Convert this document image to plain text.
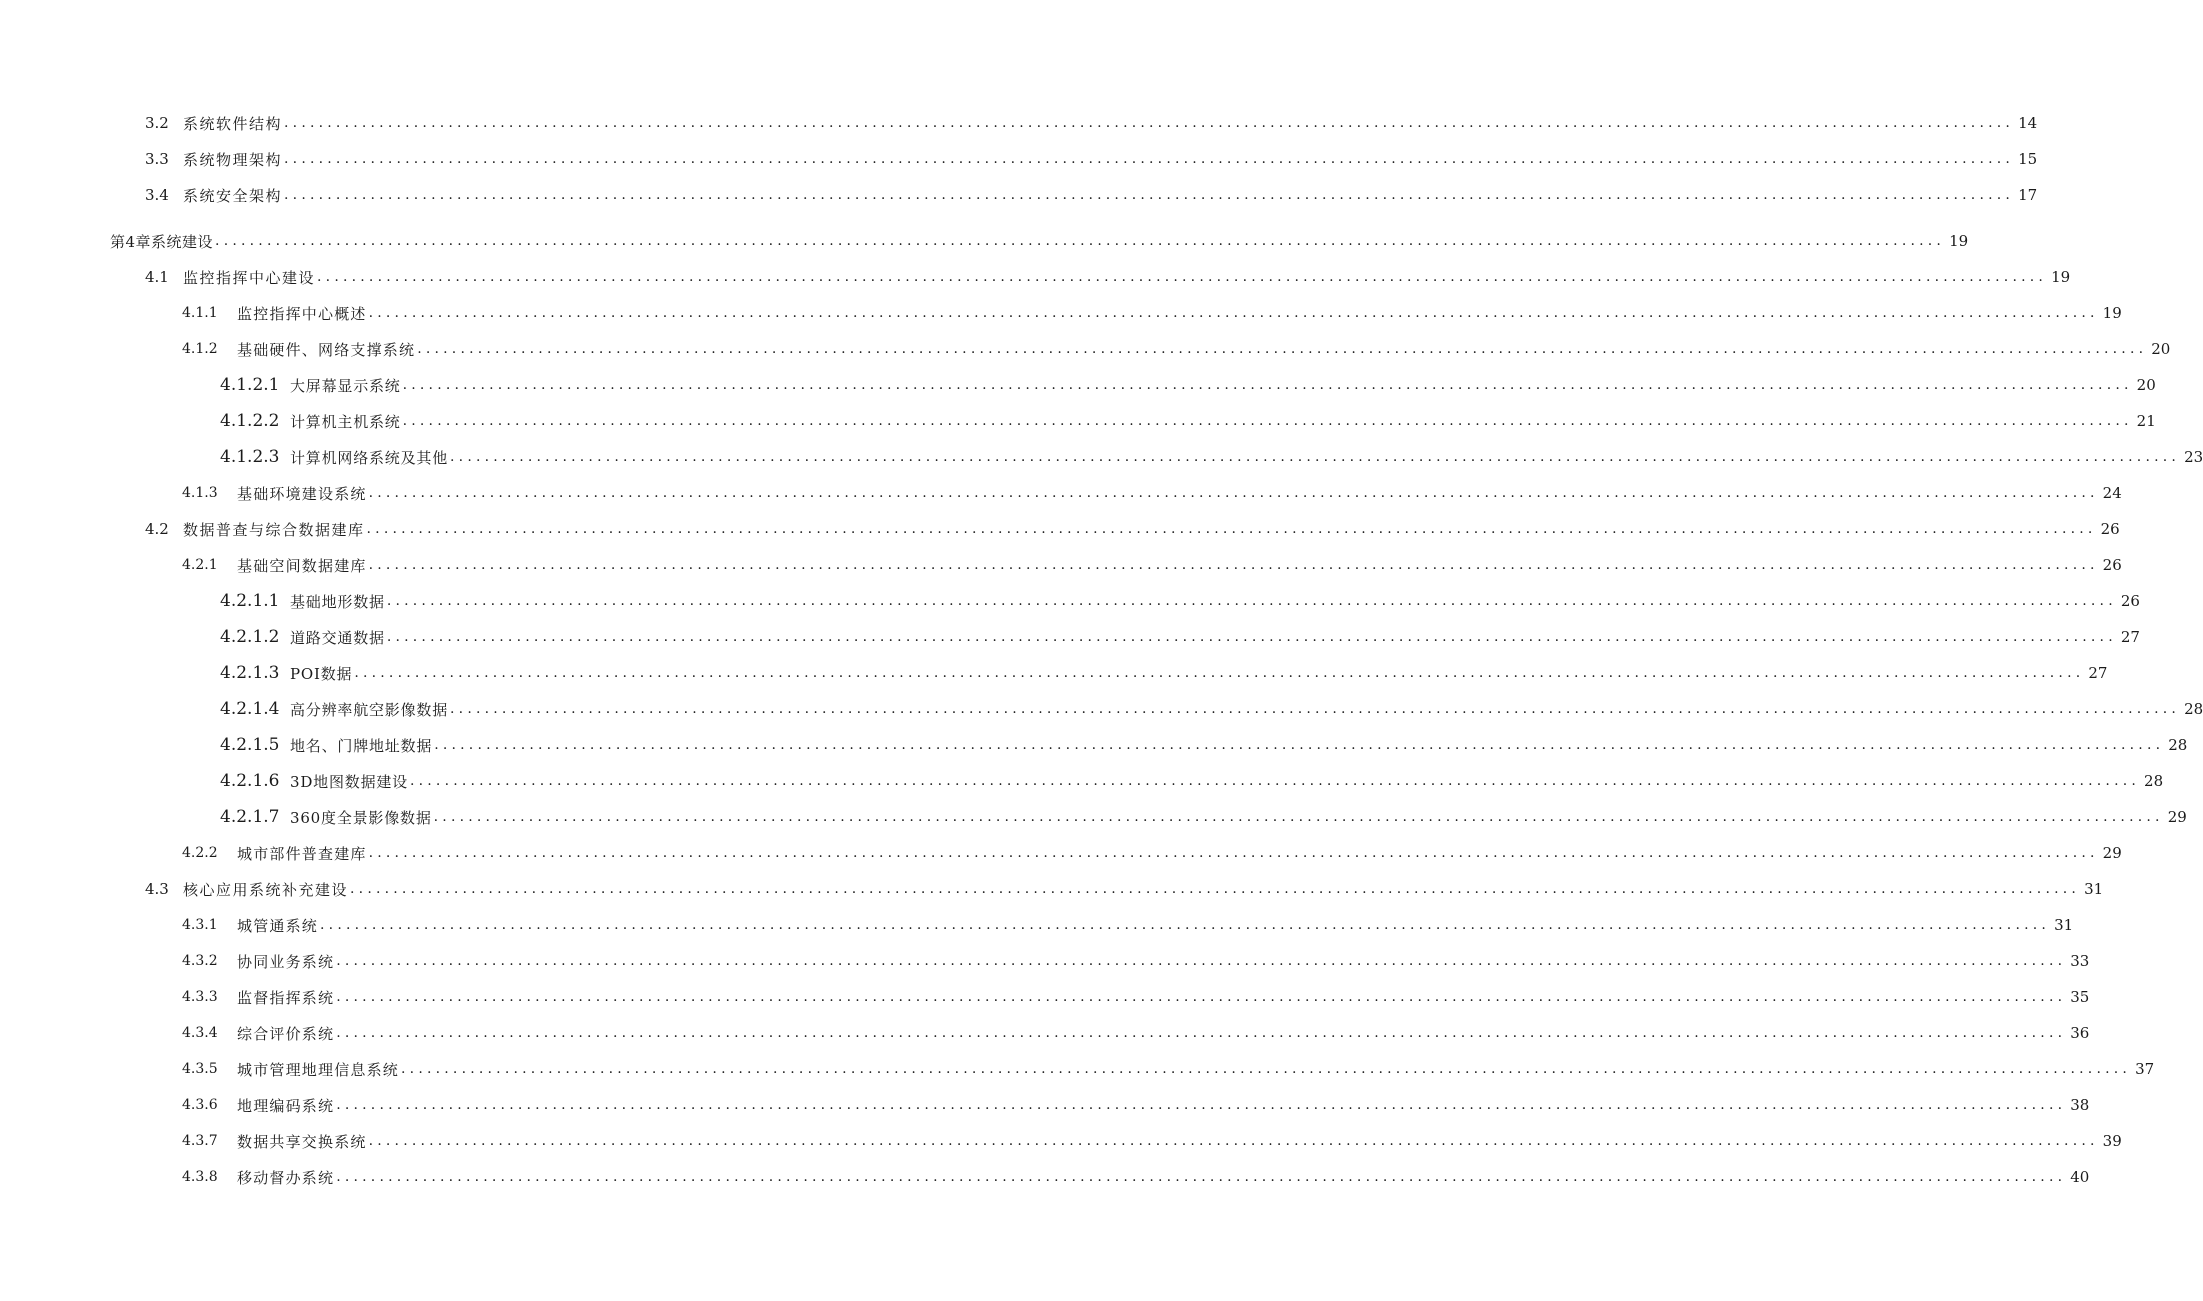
3.2 系统软件结构 ........................................................................................................................................................................................................ 14
3.3 系统物理架构 ........................................................................................................................................................................................................ 15
3.4 系统安全架构 ........................................................................................................................................................................................................ 17
第4章系统建设 ........................................................................................................................................................................................................ 19
4.1 监控指挥中心建设 ........................................................................................................................................................................................................ 19
4.1.1	监控指挥中心概述 ........................................................................................................................................................................................................ 19
4.1.2	基础硬件、网络支撑系统 ........................................................................................................................................................................................................ 20
4.1.2.1 大屏幕显示系统 ........................................................................................................................................................................................................ 20
4.1.2.2 计算机主机系统 ........................................................................................................................................................................................................ 21
4.1.2.3 计算机网络系统及其他 ........................................................................................................................................................................................................ 23
4.1.3	基础环境建设系统 ........................................................................................................................................................................................................ 24
4.2 数据普查与综合数据建库 ........................................................................................................................................................................................................ 26
4.2.1	基础空间数据建库 ........................................................................................................................................................................................................ 26
4.2.1.1 基础地形数据 ........................................................................................................................................................................................................ 26
4.2.1.2 道路交通数据 ........................................................................................................................................................................................................ 27
4.2.1.3 POI数据 ........................................................................................................................................................................................................ 27
4.2.1.4 高分辨率航空影像数据 ........................................................................................................................................................................................................ 28
4.2.1.5 地名、门牌地址数据 ........................................................................................................................................................................................................ 28
4.2.1.6 3D地图数据建设 ........................................................................................................................................................................................................ 28
4.2.1.7 360度全景影像数据 ........................................................................................................................................................................................................ 29
4.2.2	城市部件普查建库 ........................................................................................................................................................................................................ 29
4.3 核心应用系统补充建设 ........................................................................................................................................................................................................ 31
4.3.1	城管通系统 ........................................................................................................................................................................................................ 31
4.3.2	协同业务系统 ........................................................................................................................................................................................................ 33
4.3.3	监督指挥系统 ........................................................................................................................................................................................................ 35
4.3.4	综合评价系统 ........................................................................................................................................................................................................ 36
4.3.5	城市管理地理信息系统 ........................................................................................................................................................................................................ 37
4.3.6	地理编码系统 ........................................................................................................................................................................................................ 38
4.3.7	数据共享交换系统 ........................................................................................................................................................................................................ 39
4.3.8	移动督办系统 ........................................................................................................................................................................................................ 40
